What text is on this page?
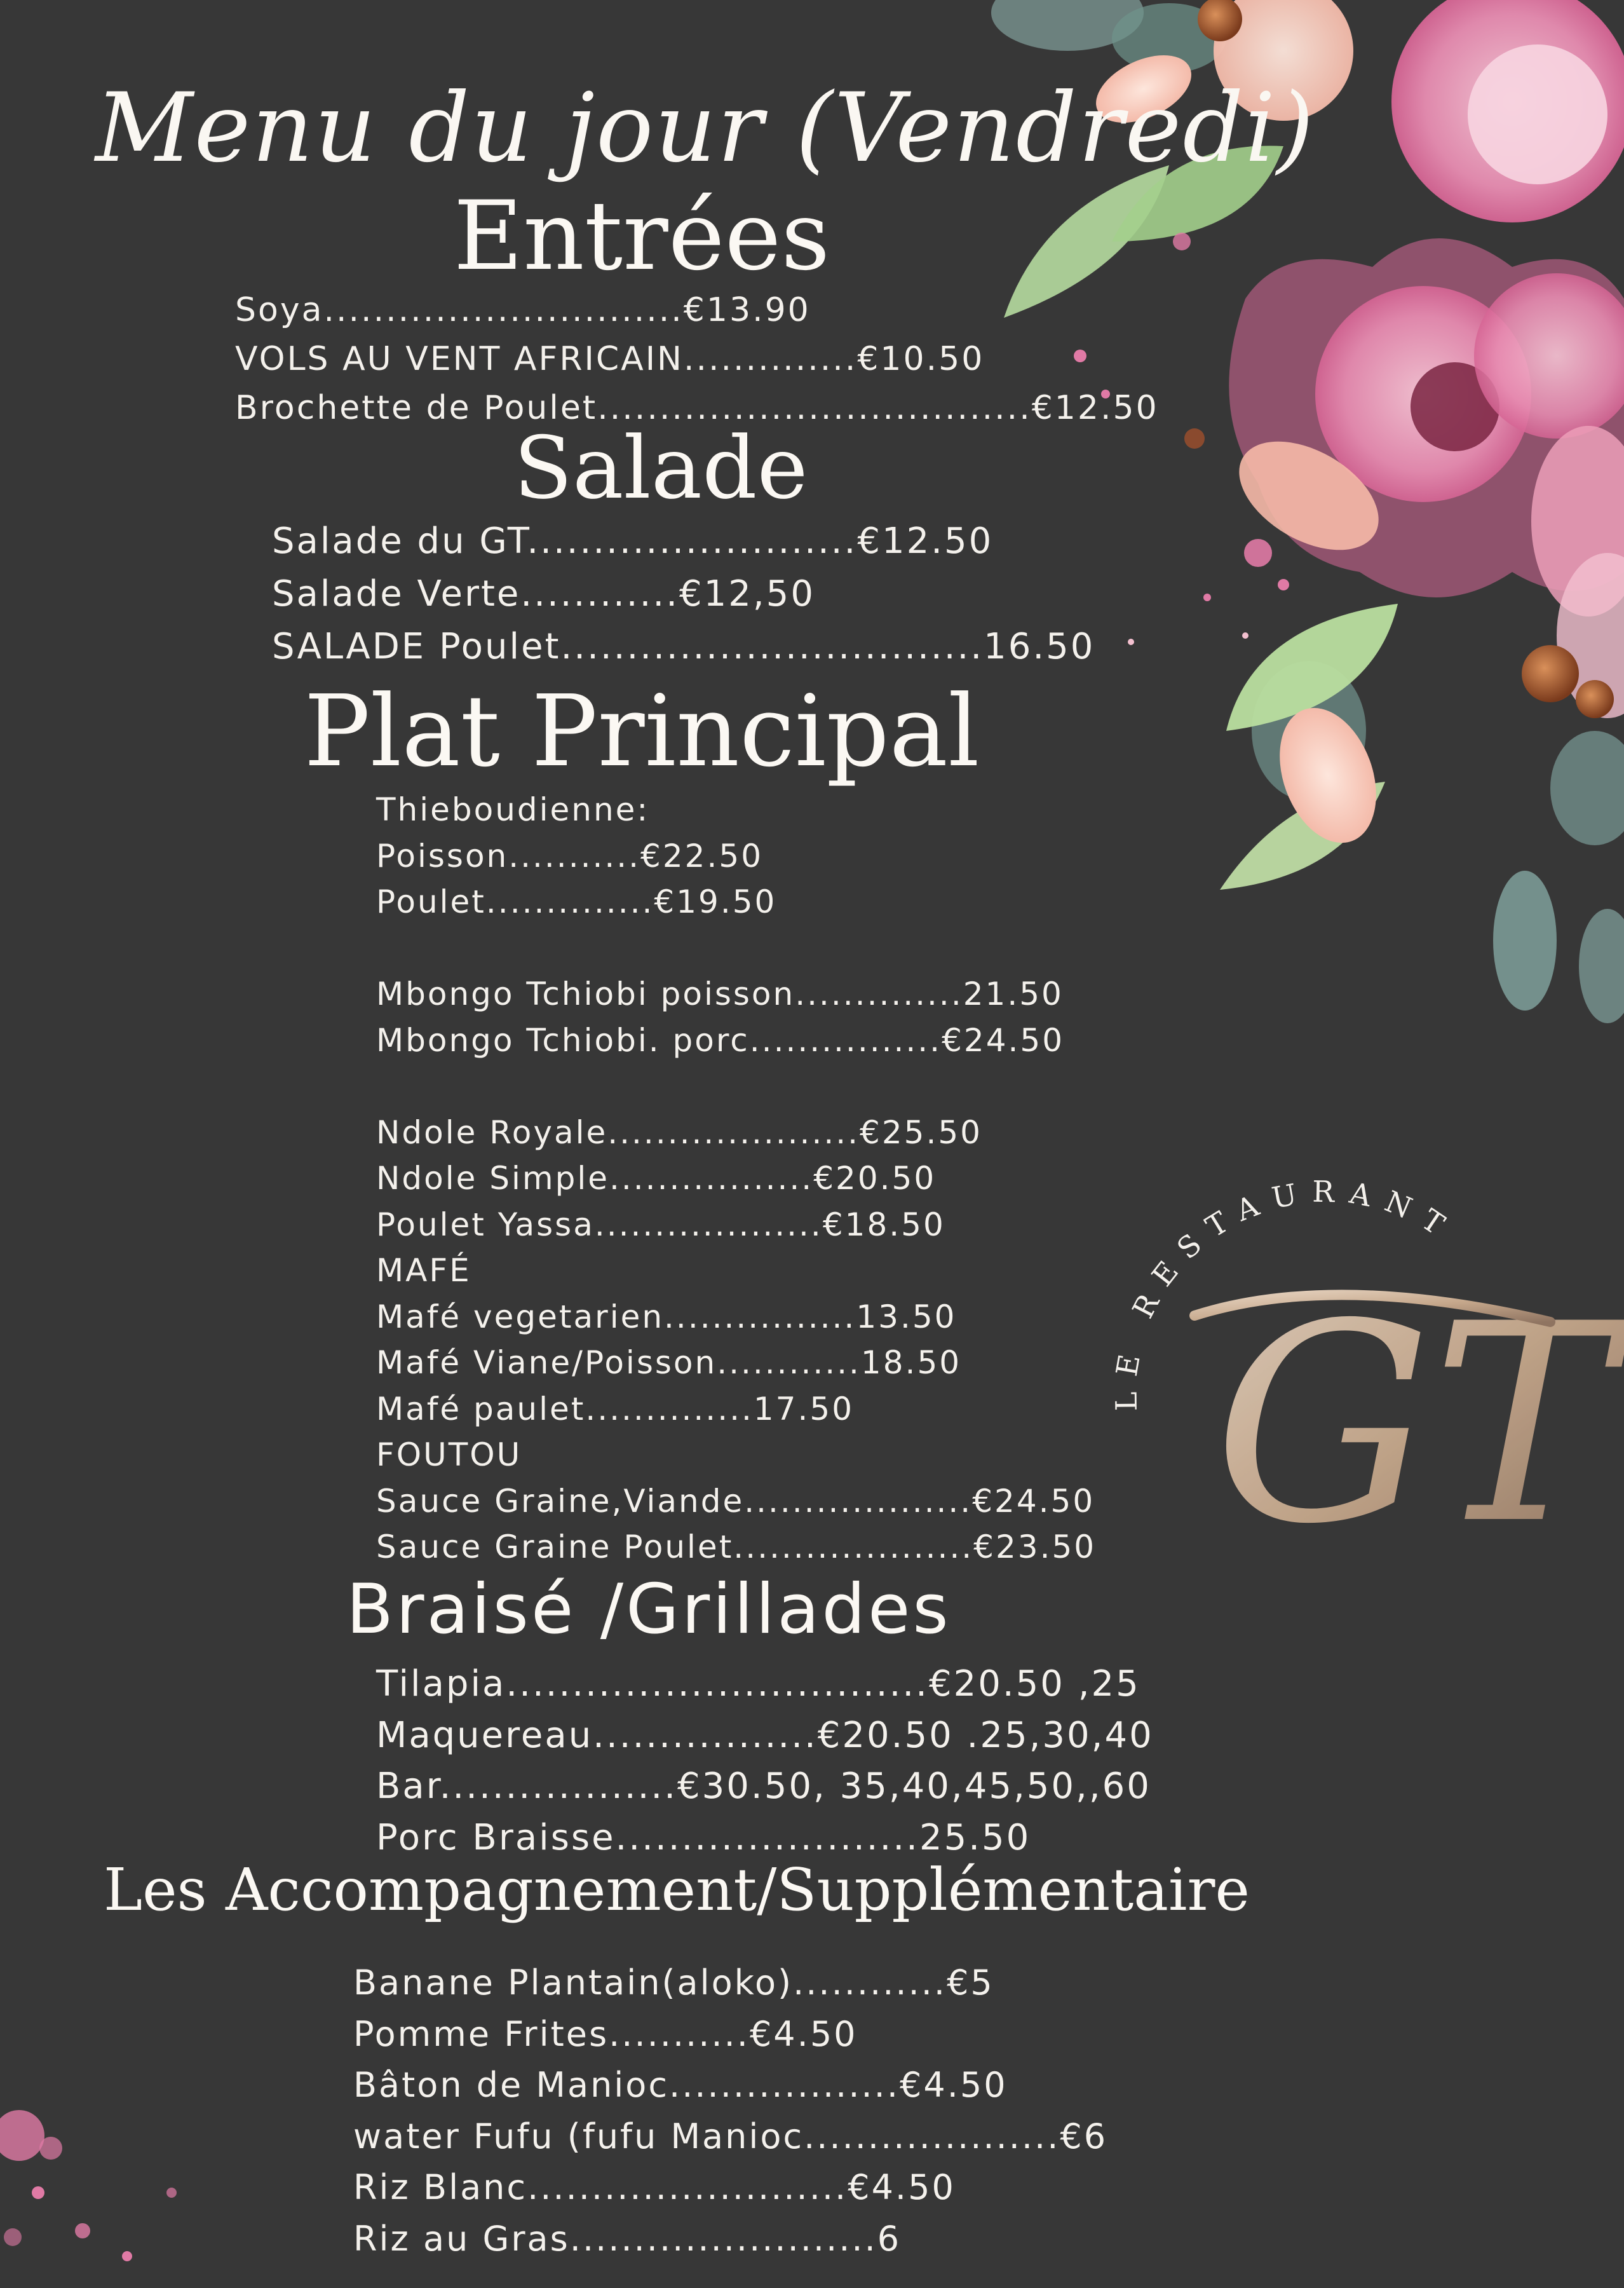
Menu du jour (Vendredi)
Entrées
Soya.............................€13.90
VOLS AU VENT AFRICAIN..............€10.50
Brochette de Poulet...................................€12.50
Salade
Salade du GT.........................€12.50
Salade Verte............€12,50
SALADE Poulet................................16.50
Plat Principal
Thieboudienne:
Poisson...........€22.50
Poulet..............€19.50
Mbongo Tchiobi poisson..............21.50
Mbongo Tchiobi. porc................€24.50
Ndole Royale.....................€25.50
Ndole Simple.................€20.50
Poulet Yassa...................€18.50
MAFÉ
Mafé vegetarien................13.50
Mafé Viane/Poisson............18.50
Mafé paulet..............17.50
FOUTOU
Sauce Graine,Viande...................€24.50
Sauce Graine Poulet....................€23.50
Braisé /Grillades
Tilapia................................€20.50 ,25
Maquereau.................€20.50 .25,30,40
Bar..................€30.50, 35,40,45,50,,60
Porc Braisse.......................25.50
Les Accompagnement/Supplémentaire
Banane Plantain(aloko)............€5
Pomme Frites...........€4.50
Bâton de Manioc..................€4.50
water Fufu (fufu Manioc....................€6
Riz Blanc.........................€4.50
Riz au Gras........................6
LE RESTAURANT
GT
